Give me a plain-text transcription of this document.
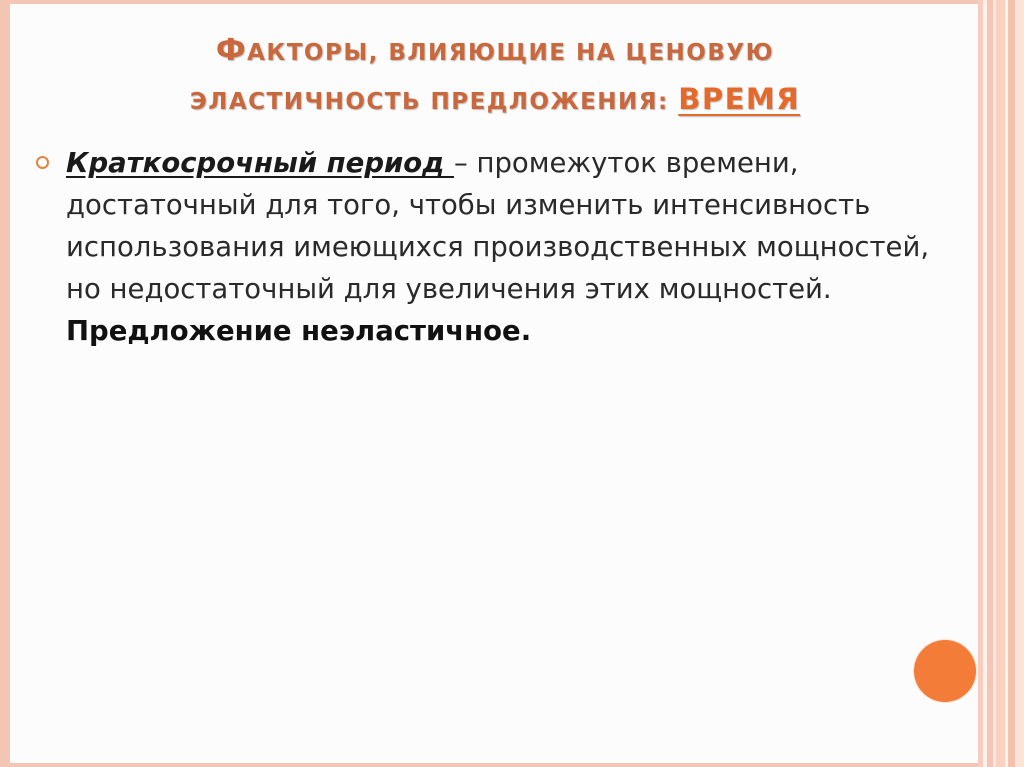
ФАКТОРЫ, ВЛИЯЮЩИЕ НА ЦЕНОВУЮ
ЭЛАСТИЧНОСТЬ ПРЕДЛОЖЕНИЯ: ВРЕМЯ

Краткосрочный период – промежуток времени, достаточный для того, чтобы изменить интенсивность использования имеющихся производственных мощностей, но недостаточный для увеличения этих мощностей. Предложение неэластичное.
